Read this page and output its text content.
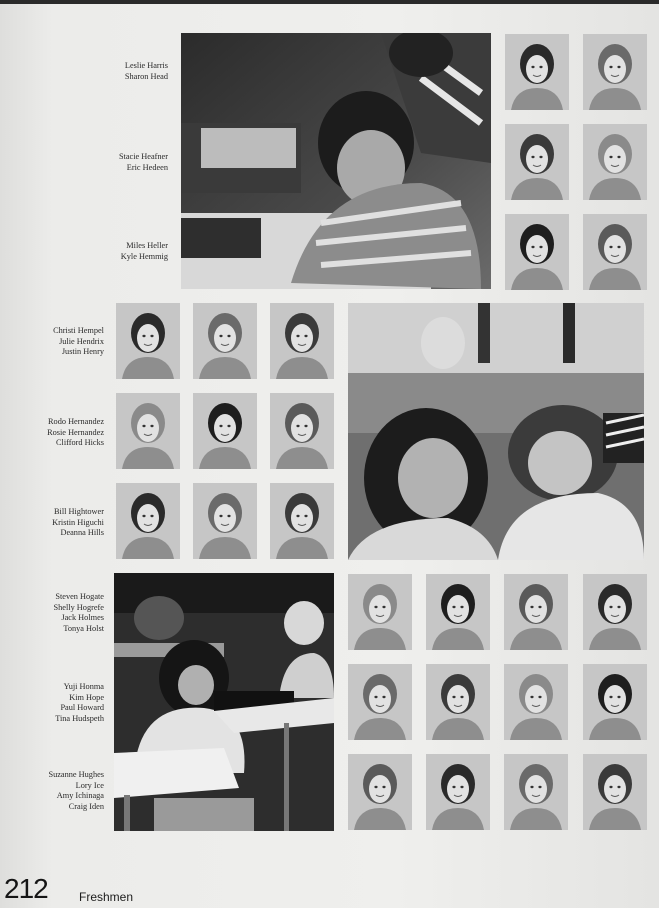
Leslie Harris
Sharon Head
Stacie Heafner
Eric Hedeen
Miles Heller
Kyle Hemmig
Christi Hempel
Julie Hendrix
Justin Henry
Rodo Hernandez
Rosie Hernandez
Clifford Hicks
Bill Hightower
Kristin Higuchi
Deanna Hills
Steven Hogate
Shelly Hogrefe
Jack Holmes
Tonya Holst
Yuji Honma
Kim Hope
Paul Howard
Tina Hudspeth
Suzanne Hughes
Lory Ice
Amy Ichinaga
Craig Iden
212	Freshmen
